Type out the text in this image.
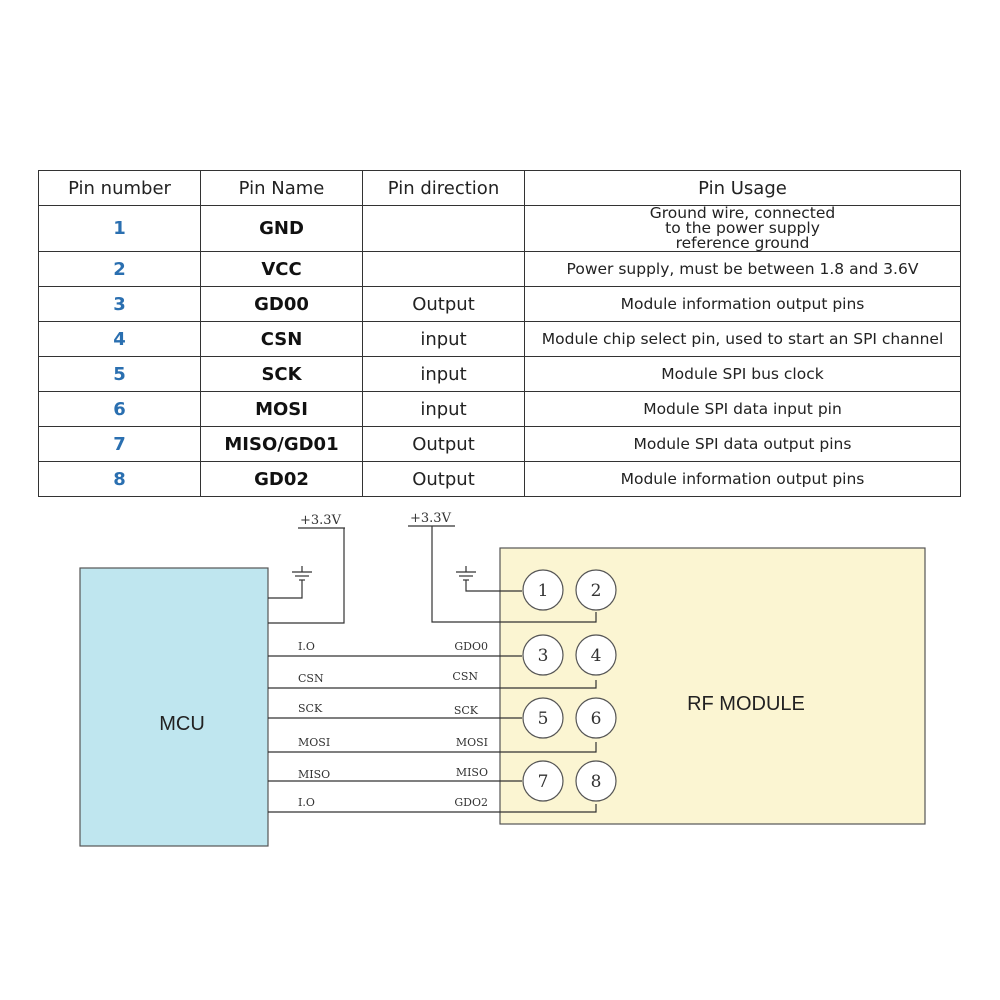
Pin number	Pin Name	Pin direction	Pin Usage
1	GND		Ground wire, connected to the power supply reference ground
2	VCC		Power supply, must be between 1.8 and 3.6V
3	GD00	Output	Module information output pins
4	CSN	input	Module chip select pin, used to start an SPI channel
5	SCK	input	Module SPI bus clock
6	MOSI	input	Module SPI data input pin
7	MISO/GD01	Output	Module SPI data output pins
8	GD02	Output	Module information output pins
MCU
RF MODULE
+3.3V	+3.3V
I.O
CSN
SCK
MOSI
MISO
I.O
GDO0
CSN
SCK
MOSI
MISO
GDO2
1 2
3 4
5 6
7 8
